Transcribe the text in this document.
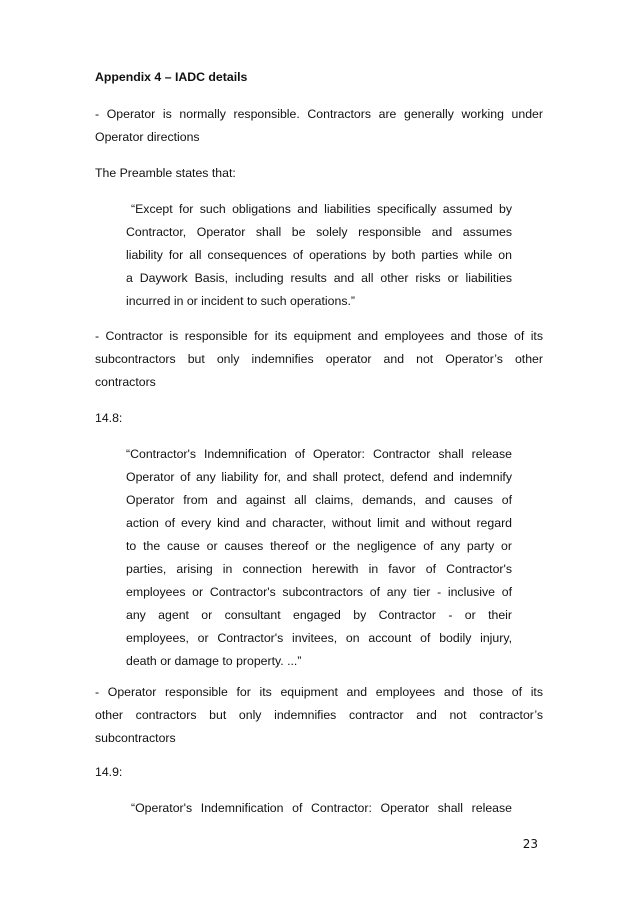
Appendix 4 – IADC details

- Operator is normally responsible. Contractors are generally working under
Operator directions

The Preamble states that:

“Except for such obligations and liabilities specifically assumed by
Contractor, Operator shall be solely responsible and assumes
liability for all consequences of operations by both parties while on
a Daywork Basis, including results and all other risks or liabilities
incurred in or incident to such operations.”

- Contractor is responsible for its equipment and employees and those of its
subcontractors but only indemnifies operator and not Operator’s other
contractors

14.8:

“Contractor's Indemnification of Operator: Contractor shall release
Operator of any liability for, and shall protect, defend and indemnify
Operator from and against all claims, demands, and causes of
action of every kind and character, without limit and without regard
to the cause or causes thereof or the negligence of any party or
parties, arising in connection herewith in favor of Contractor's
employees or Contractor's subcontractors of any tier - inclusive of
any agent or consultant engaged by Contractor - or their
employees, or Contractor's invitees, on account of bodily injury,
death or damage to property. ...”

- Operator responsible for its equipment and employees and those of its
other contractors but only indemnifies contractor and not contractor’s
subcontractors

14.9:

“Operator's Indemnification of Contractor: Operator shall release

23
